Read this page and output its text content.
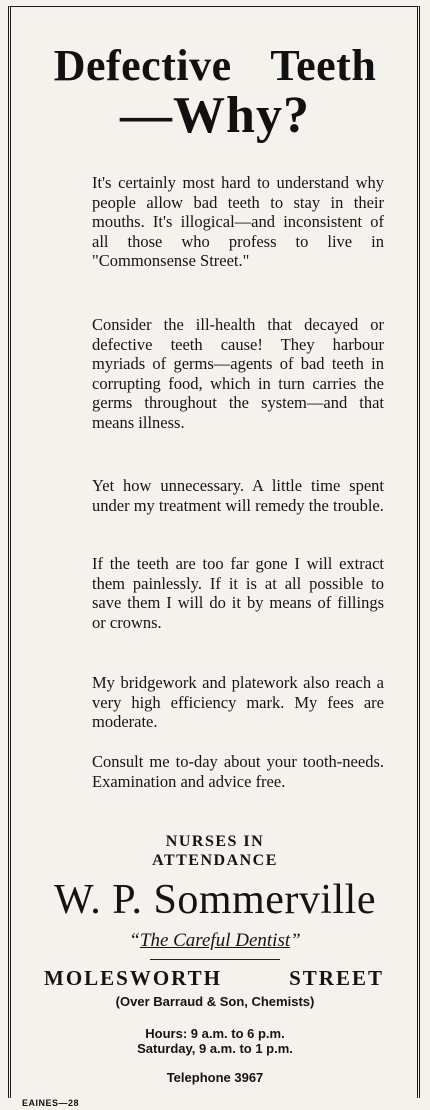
Defective Teeth
—Why?
It's certainly most hard to understand why people allow bad teeth to stay in their mouths. It's illogical—and inconsistent of all those who profess to live in "Commonsense Street."
Consider the ill-health that decayed or defective teeth cause! They harbour myriads of germs—agents of bad teeth in corrupting food, which in turn carries the germs throughout the system—and that means illness.
Yet how unnecessary. A little time spent under my treatment will remedy the trouble.
If the teeth are too far gone I will extract them painlessly. If it is at all possible to save them I will do it by means of fillings or crowns.
My bridgework and platework also reach a very high efficiency mark. My fees are moderate.
Consult me to-day about your tooth-needs. Examination and advice free.
NURSES IN
ATTENDANCE
W. P. Sommerville
“The Careful Dentist”
MOLESWORTH	STREET
(Over Barraud & Son, Chemists)
Hours: 9 a.m. to 6 p.m.
Saturday, 9 a.m. to 1 p.m.
Telephone 3967
EAINES—28
